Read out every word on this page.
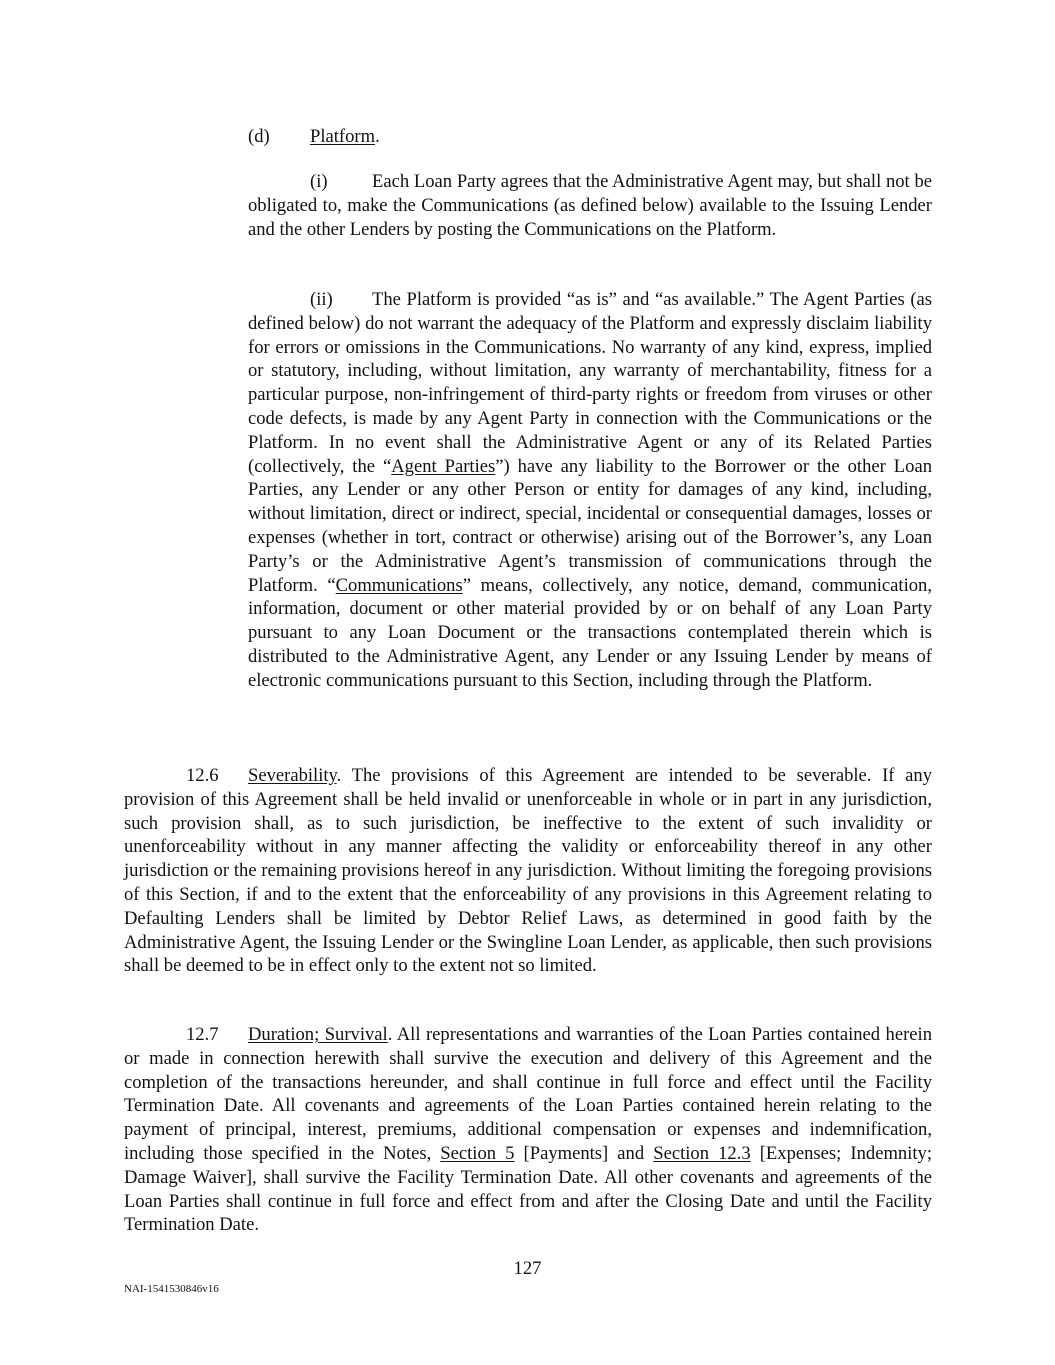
(d) Platform.

(i) Each Loan Party agrees that the Administrative Agent may, but shall not be obligated to, make the Communications (as defined below) available to the Issuing Lender and the other Lenders by posting the Communications on the Platform.

(ii) The Platform is provided “as is” and “as available.” The Agent Parties (as defined below) do not warrant the adequacy of the Platform and expressly disclaim liability for errors or omissions in the Communications. No warranty of any kind, express, implied or statutory, including, without limitation, any warranty of merchantability, fitness for a particular purpose, non-infringement of third-party rights or freedom from viruses or other code defects, is made by any Agent Party in connection with the Communications or the Platform. In no event shall the Administrative Agent or any of its Related Parties (collectively, the “Agent Parties”) have any liability to the Borrower or the other Loan Parties, any Lender or any other Person or entity for damages of any kind, including, without limitation, direct or indirect, special, incidental or consequential damages, losses or expenses (whether in tort, contract or otherwise) arising out of the Borrower’s, any Loan Party’s or the Administrative Agent’s transmission of communications through the Platform. “Communications” means, collectively, any notice, demand, communication, information, document or other material provided by or on behalf of any Loan Party pursuant to any Loan Document or the transactions contemplated therein which is distributed to the Administrative Agent, any Lender or any Issuing Lender by means of electronic communications pursuant to this Section, including through the Platform.

12.6 Severability. The provisions of this Agreement are intended to be severable. If any provision of this Agreement shall be held invalid or unenforceable in whole or in part in any jurisdiction, such provision shall, as to such jurisdiction, be ineffective to the extent of such invalidity or unenforceability without in any manner affecting the validity or enforceability thereof in any other jurisdiction or the remaining provisions hereof in any jurisdiction. Without limiting the foregoing provisions of this Section, if and to the extent that the enforceability of any provisions in this Agreement relating to Defaulting Lenders shall be limited by Debtor Relief Laws, as determined in good faith by the Administrative Agent, the Issuing Lender or the Swingline Loan Lender, as applicable, then such provisions shall be deemed to be in effect only to the extent not so limited.

12.7 Duration; Survival. All representations and warranties of the Loan Parties contained herein or made in connection herewith shall survive the execution and delivery of this Agreement and the completion of the transactions hereunder, and shall continue in full force and effect until the Facility Termination Date. All covenants and agreements of the Loan Parties contained herein relating to the payment of principal, interest, premiums, additional compensation or expenses and indemnification, including those specified in the Notes, Section 5 [Payments] and Section 12.3 [Expenses; Indemnity; Damage Waiver], shall survive the Facility Termination Date. All other covenants and agreements of the Loan Parties shall continue in full force and effect from and after the Closing Date and until the Facility Termination Date.

127
NAI-1541530846v16
